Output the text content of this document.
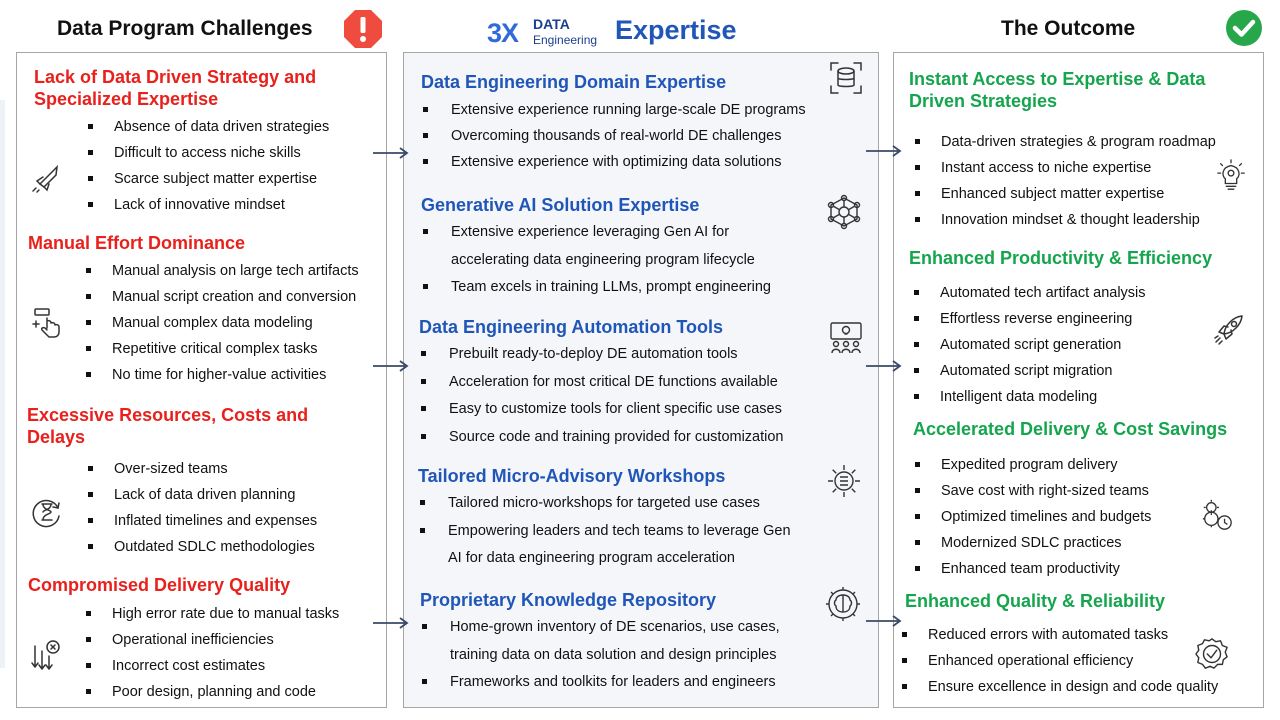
Data Program Challenges	3X DATA
Engineering Expertise	The Outcome
Lack of Data Driven Strategy and
Specialized Expertise
Absence of data driven strategies
Difficult to access niche skills
Scarce subject matter expertise
Lack of innovative mindset
Manual Effort Dominance
Manual analysis on large tech artifacts
Manual script creation and conversion
Manual complex data modeling
Repetitive critical complex tasks
No time for higher-value activities
Excessive Resources, Costs and
Delays
Over-sized teams
Lack of data driven planning
Inflated timelines and expenses
Outdated SDLC methodologies
Compromised Delivery Quality
High error rate due to manual tasks
Operational inefficiencies
Incorrect cost estimates
Poor design, planning and code
Data Engineering Domain Expertise
Extensive experience running large-scale DE programs
Overcoming thousands of real-world DE challenges
Extensive experience with optimizing data solutions
Generative AI Solution Expertise
Extensive experience leveraging Gen AI for
accelerating data engineering program lifecycle
Team excels in training LLMs, prompt engineering
Data Engineering Automation Tools
Prebuilt ready-to-deploy DE automation tools
Acceleration for most critical DE functions available
Easy to customize tools for client specific use cases
Source code and training provided for customization
Tailored Micro-Advisory Workshops
Tailored micro-workshops for targeted use cases
Empowering leaders and tech teams to leverage Gen
AI for data engineering program acceleration
Proprietary Knowledge Repository
Home-grown inventory of DE scenarios, use cases,
training data on data solution and design principles
Frameworks and toolkits for leaders and engineers
Instant Access to Expertise & Data
Driven Strategies
Data-driven strategies & program roadmap
Instant access to niche expertise
Enhanced subject matter expertise
Innovation mindset & thought leadership
Enhanced Productivity & Efficiency
Automated tech artifact analysis
Effortless reverse engineering
Automated script generation
Automated script migration
Intelligent data modeling
Accelerated Delivery & Cost Savings
Expedited program delivery
Save cost with right-sized teams
Optimized timelines and budgets
Modernized SDLC practices
Enhanced team productivity
Enhanced Quality & Reliability
Reduced errors with automated tasks
Enhanced operational efficiency
Ensure excellence in design and code quality
